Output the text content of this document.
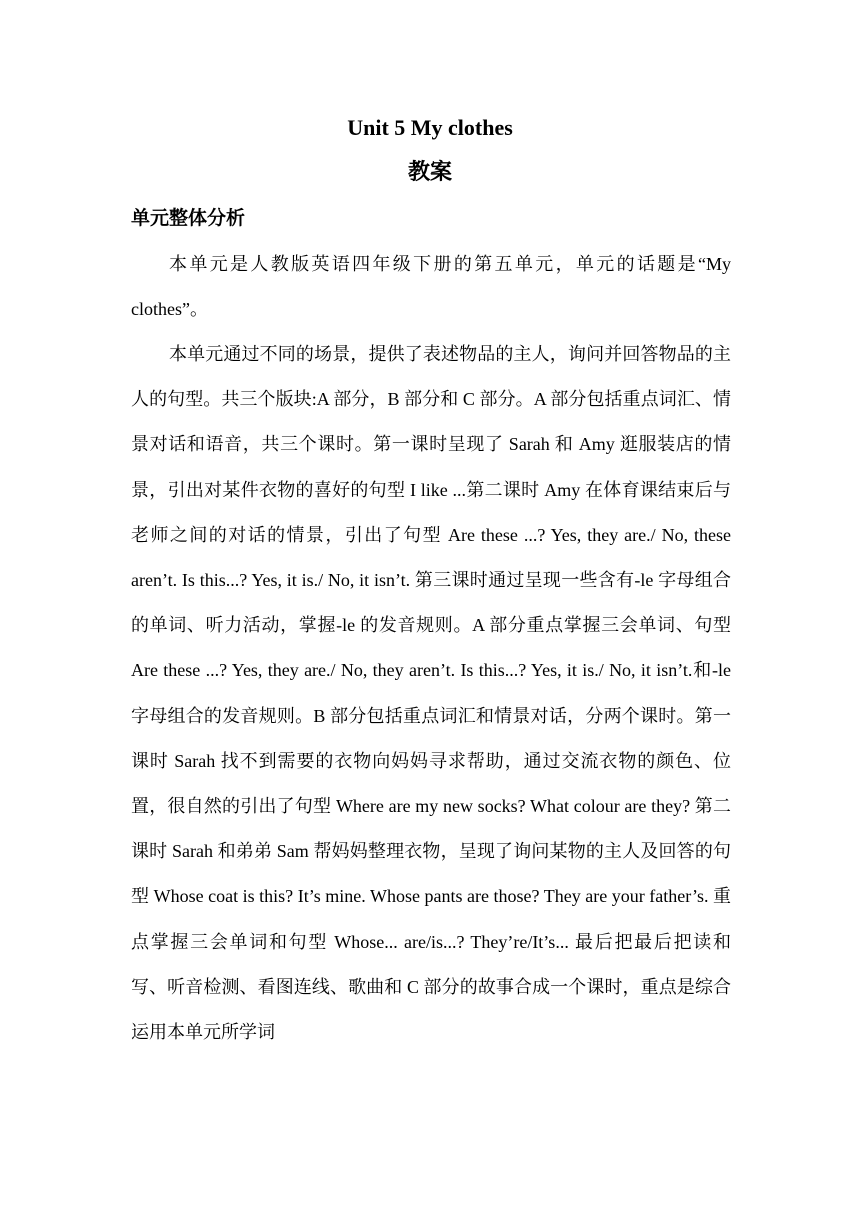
Unit 5 My clothes
教案
单元整体分析

本单元是人教版英语四年级下册的第五单元，单元的话题是“My clothes”。

本单元通过不同的场景，提供了表述物品的主人，询问并回答物品的主人的句型。共三个版块:A 部分，B 部分和 C 部分。A 部分包括重点词汇、情景对话和语音，共三个课时。第一课时呈现了 Sarah 和 Amy 逛服装店的情景，引出对某件衣物的喜好的句型 I like ...第二课时 Amy 在体育课结束后与老师之间的对话的情景，引出了句型 Are these ...? Yes, they are./ No, these aren’t. Is this...? Yes, it is./ No, it isn’t. 第三课时通过呈现一些含有-le 字母组合的单词、听力活动，掌握-le 的发音规则。A 部分重点掌握三会单词、句型 Are these ...? Yes, they are./ No, they aren’t. Is this...? Yes, it is./ No, it isn’t.和-le 字母组合的发音规则。B 部分包括重点词汇和情景对话，分两个课时。第一课时 Sarah 找不到需要的衣物向妈妈寻求帮助，通过交流衣物的颜色、位置，很自然的引出了句型 Where are my new socks? What colour are they? 第二课时 Sarah 和弟弟 Sam 帮妈妈整理衣物，呈现了询问某物的主人及回答的句型 Whose coat is this? It’s mine. Whose pants are those? They are your father’s. 重点掌握三会单词和句型 Whose... are/is...? They’re/It’s... 最后把最后把读和写、听音检测、看图连线、歌曲和 C 部分的故事合成一个课时，重点是综合运用本单元所学词
